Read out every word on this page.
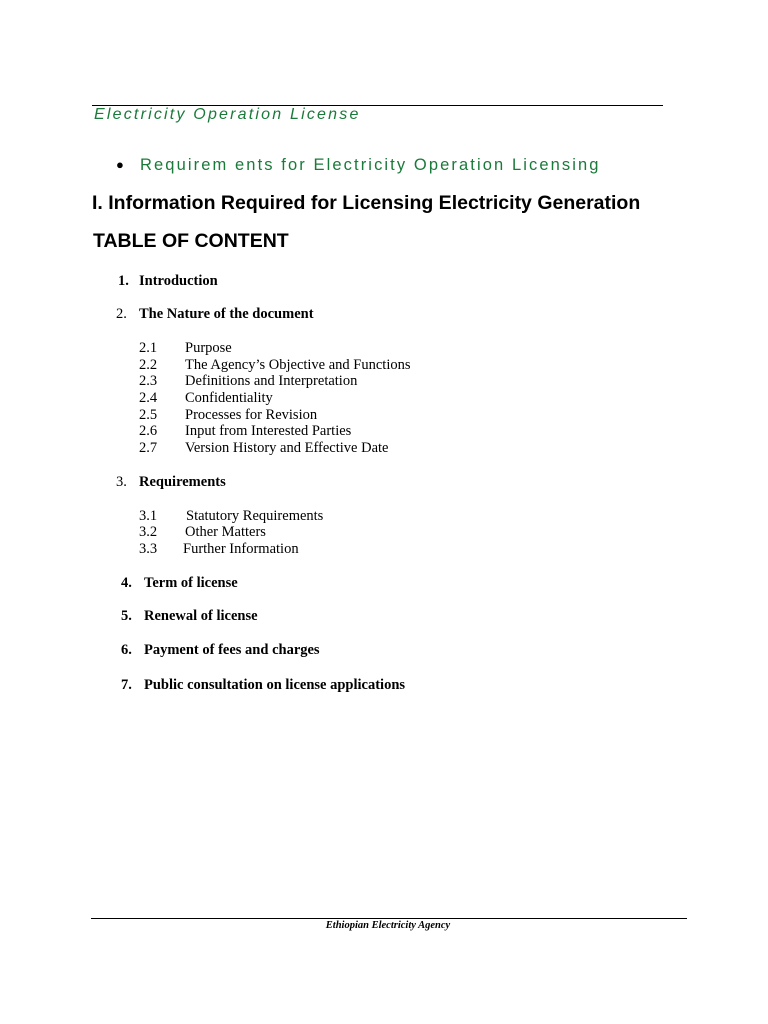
Electricity Operation License

● Requirem ents for Electricity Operation Licensing

I. Information Required for Licensing Electricity Generation

TABLE OF CONTENT

1. Introduction
2. The Nature of the document
2.1 Purpose
2.2 The Agency’s Objective and Functions
2.3 Definitions and Interpretation
2.4 Confidentiality
2.5 Processes for Revision
2.6 Input from Interested Parties
2.7 Version History and Effective Date
3. Requirements
3.1 Statutory Requirements
3.2 Other Matters
3.3 Further Information
4. Term of license
5. Renewal of license
6. Payment of fees and charges
7. Public consultation on license applications

Ethiopian Electricity Agency
